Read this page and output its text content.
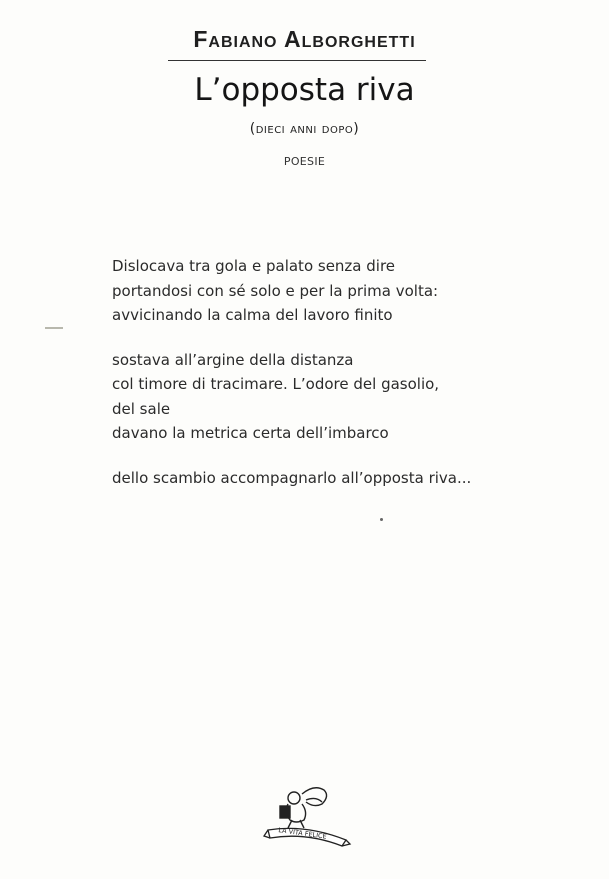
Fabiano Alborghetti
L’opposta riva
(dieci anni dopo)
POESIE
Dislocava tra gola e palato senza dire
portandosi con sé solo e per la prima volta:
avvicinando la calma del lavoro finito
sostava all’argine della distanza
col timore di tracimare. L’odore del gasolio,
del sale
davano la metrica certa dell’imbarco
dello scambio accompagnarlo all’opposta riva...
LA VITA FELICE
